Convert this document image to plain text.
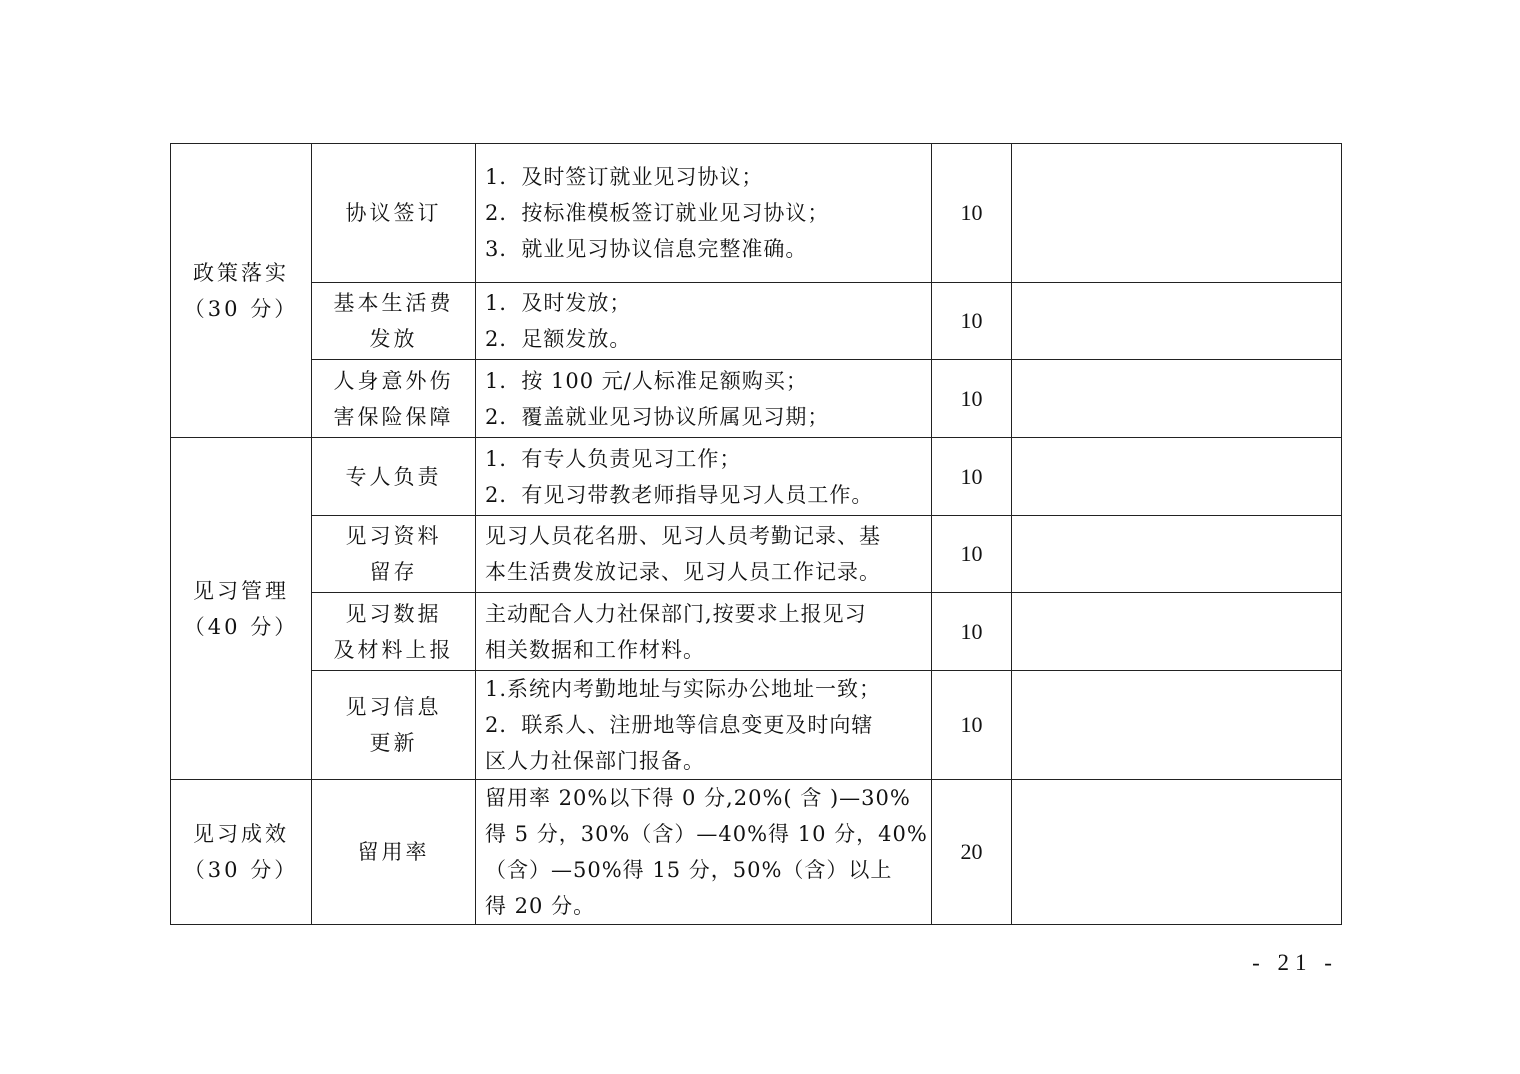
政策落实
（30 分）	协议签订	1．及时签订就业见习协议；
2．按标准模板签订就业见习协议；
3．就业见习协议信息完整准确。	10	

	基本生活费
发放	1．及时发放；
2．足额发放。	10	

	人身意外伤
害保险保障	1．按 100 元/人标准足额购买；
2．覆盖就业见习协议所属见习期；	10	

见习管理
（40 分）	专人负责	1．有专人负责见习工作；
2．有见习带教老师指导见习人员工作。	10	

	见习资料
留存	见习人员花名册、见习人员考勤记录、基
本生活费发放记录、见习人员工作记录。	10	

	见习数据
及材料上报	主动配合人力社保部门,按要求上报见习
相关数据和工作材料。	10	

	见习信息
更新	1.系统内考勤地址与实际办公地址一致；
2．联系人、注册地等信息变更及时向辖
区人力社保部门报备。	10	

见习成效
（30 分）	留用率	留用率 20%以下得 0 分,20%( 含 )—30%
得 5 分，30%（含）—40%得 10 分，40%
（含）—50%得 15 分，50%（含）以上
得 20 分。	20	
- 21 -
